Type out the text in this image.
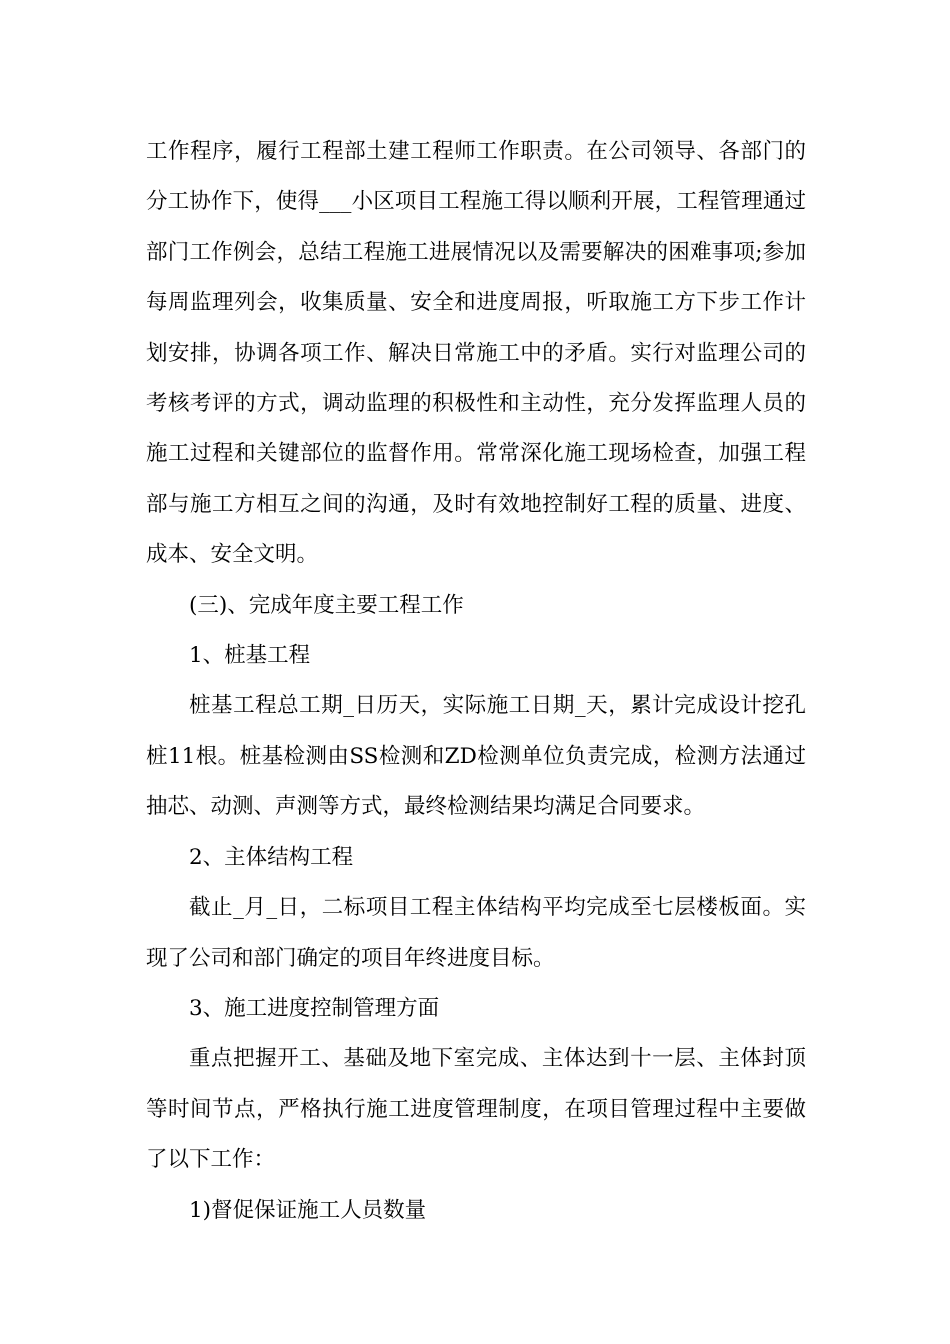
工作程序，履行工程部土建工程师工作职责。在公司领导、各部门的分工协作下，使得___小区项目工程施工得以顺利开展，工程管理通过部门工作例会，总结工程施工进展情况以及需要解决的困难事项;参加每周监理列会，收集质量、安全和进度周报，听取施工方下步工作计划安排，协调各项工作、解决日常施工中的矛盾。实行对监理公司的考核考评的方式，调动监理的积极性和主动性，充分发挥监理人员的施工过程和关键部位的监督作用。常常深化施工现场检查，加强工程部与施工方相互之间的沟通，及时有效地控制好工程的质量、进度、成本、安全文明。

(三)、完成年度主要工程工作

1、桩基工程

桩基工程总工期_日历天，实际施工日期_天，累计完成设计挖孔桩11根。桩基检测由SS检测和ZD检测单位负责完成，检测方法通过抽芯、动测、声测等方式，最终检测结果均满足合同要求。

2、主体结构工程

截止_月_日，二标项目工程主体结构平均完成至七层楼板面。实现了公司和部门确定的项目年终进度目标。

3、施工进度控制管理方面

重点把握开工、基础及地下室完成、主体达到十一层、主体封顶等时间节点，严格执行施工进度管理制度，在项目管理过程中主要做了以下工作：

1)督促保证施工人员数量
